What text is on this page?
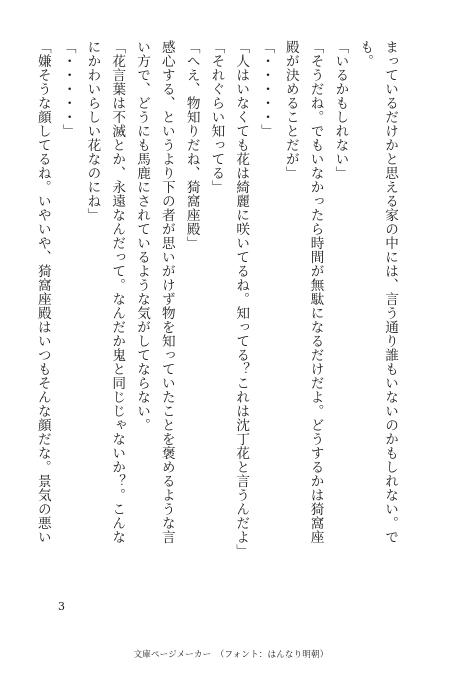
まっているだけかと思える家の中には、言う通り誰もいないのかもしれない。で
も。
「いるかもしれない」
「そうだね。でもいなかったら時間が無駄になるだけだよ。どうするかは猗窩座
殿が決めることだが」
「・・・・・」
「人はいなくても花は綺麗に咲いてるね。知ってる？これは沈丁花と言うんだよ」
「それぐらい知ってる」
「へえ、物知りだね、猗窩座殿」
感心する、というより下の者が思いがけず物を知っていたことを褒めるような言
い方で、どうにも馬鹿にされているような気がしてならない。
「花言葉は不滅とか、永遠なんだって。なんだか鬼と同じじゃないか？。こんな
にかわいらしい花なのにね」
「・・・・・」
「嫌そうな顔してるね。いやいや、猗窩座殿はいつもそんな顔だな。景気の悪い
3
文庫ページメーカー　（フォント：はんなり明朝）
